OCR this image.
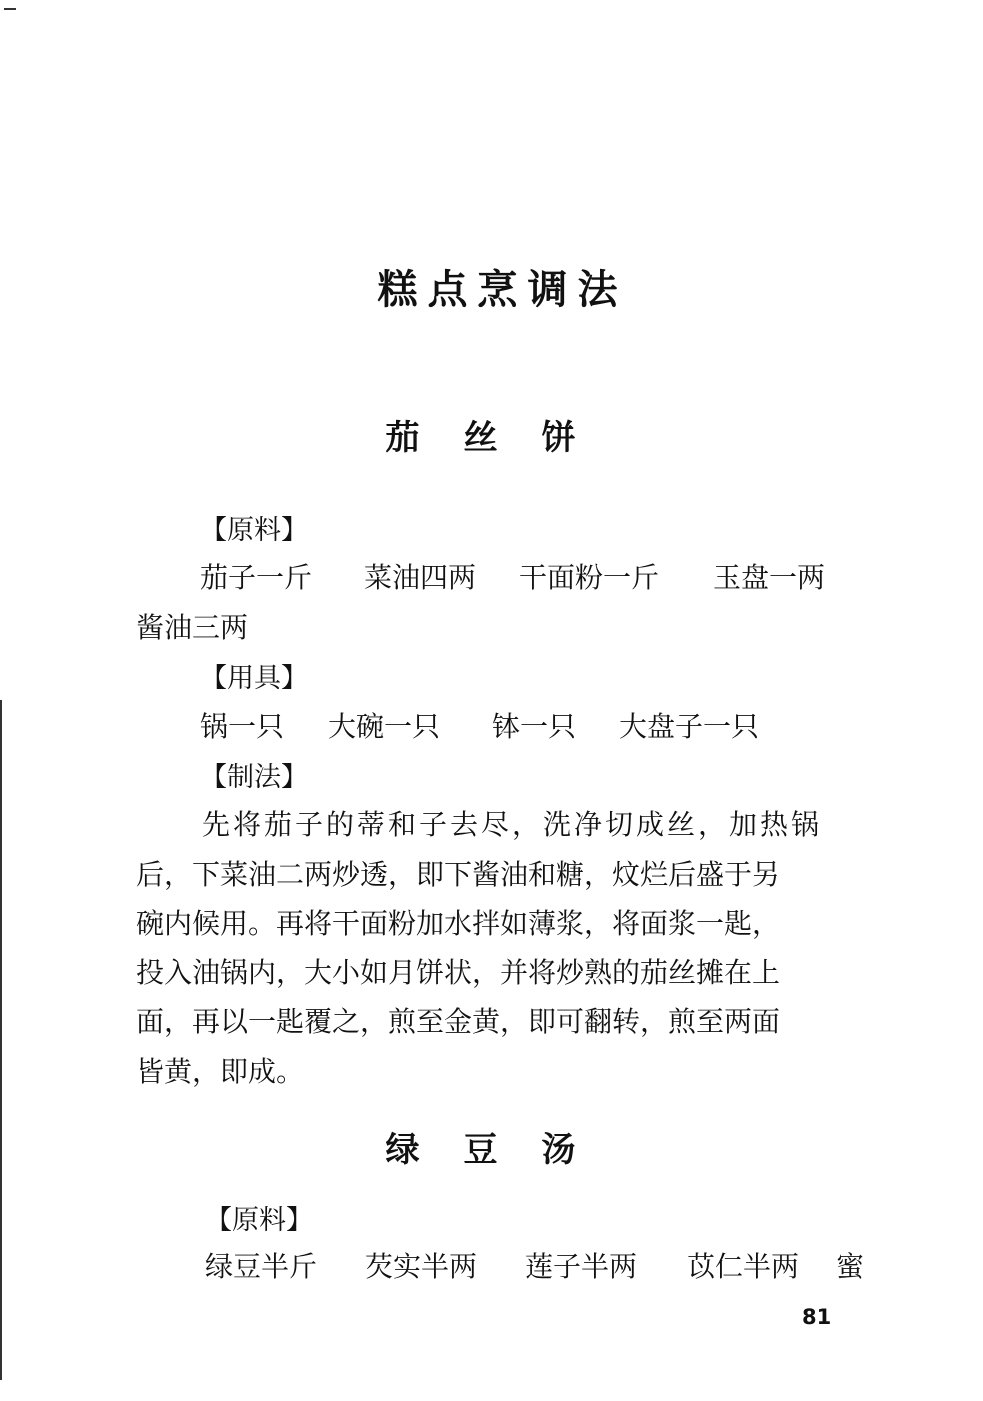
糕点烹调法
茄丝饼
【原料】
茄子一斤 菜油四两 干面粉一斤 玉盘一两
酱油三两
【用具】
锅一只 大碗一只 钵一只 大盘子一只
【制法】
先将茄子的蒂和子去尽，洗净切成丝，加热锅
后，下菜油二两炒透，即下酱油和糖，炆烂后盛于另
碗内候用。再将干面粉加水拌如薄浆，将面浆一匙，
投入油锅内，大小如月饼状，并将炒熟的茄丝摊在上
面，再以一匙覆之，煎至金黄，即可翻转，煎至两面
皆黄，即成。
绿豆汤
【原料】
绿豆半斤 芡实半两 莲子半两 苡仁半两 蜜
81
